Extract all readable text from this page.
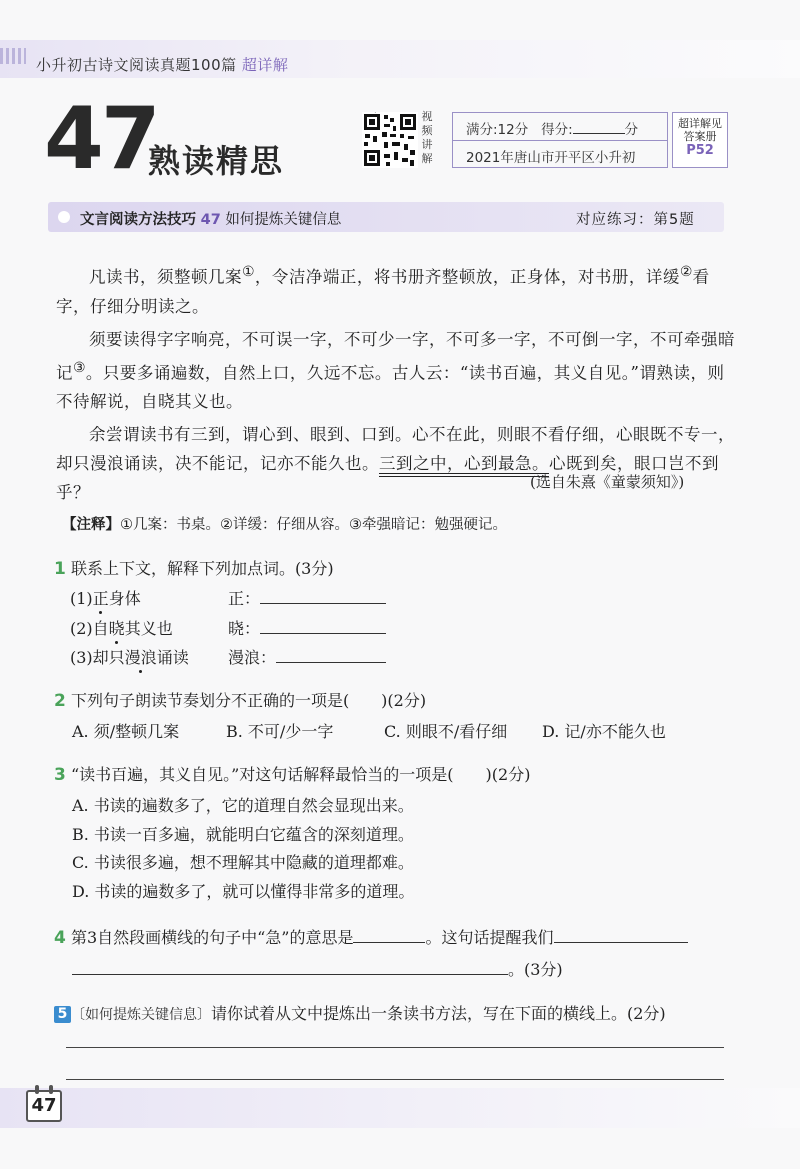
小升初古诗文阅读真题100篇 超详解
47
熟读精思
视
频
讲
解
满分:12分 得分:	分
2021年唐山市开平区小升初
超详解见
答案册
P52
文言阅读方法技巧 47 如何提炼关键信息	对应练习：第5题

凡读书，须整顿几案①，令洁净端正，将书册齐整顿放，正身体，对书册，详缓②看字，仔细分明读之。

须要读得字字响亮，不可误一字，不可少一字，不可多一字，不可倒一字，不可牵强暗记③。只要多诵遍数，自然上口，久远不忘。古人云：“读书百遍，其义自见。”谓熟读，则不待解说，自晓其义也。

余尝谓读书有三到，谓心到、眼到、口到。心不在此，则眼不看仔细，心眼既不专一，却只漫浪诵读，决不能记，记亦不能久也。三到之中，心到最急。心既到矣，眼口岂不到乎？

(选自朱熹《童蒙须知》)
【注释】①几案：书桌。②详缓：仔细从容。③牵强暗记：勉强硬记。
1 联系上下文，解释下列加点词。(3分)
(1)正身体	正：
(2)自晓其义也	晓：
(3)却只漫浪诵读 漫浪：
2 下列句子朗读节奏划分不正确的一项是(　　)(2分)
A. 须/整顿几案	B. 不可/少一字	C. 则眼不/看仔细 D. 记/亦不能久也
3 “读书百遍，其义自见。”对这句话解释最恰当的一项是(　　)(2分)
A. 书读的遍数多了，它的道理自然会显现出来。
B. 书读一百多遍，就能明白它蕴含的深刻道理。
C. 书读很多遍，想不理解其中隐藏的道理都难。
D. 书读的遍数多了，就可以懂得非常多的道理。
4 第3自然段画横线的句子中“急”的意思是	。这句话提醒我们
。(3分)
5 〔如何提炼关键信息〕请你试着从文中提炼出一条读书方法，写在下面的横线上。(2分)
47
